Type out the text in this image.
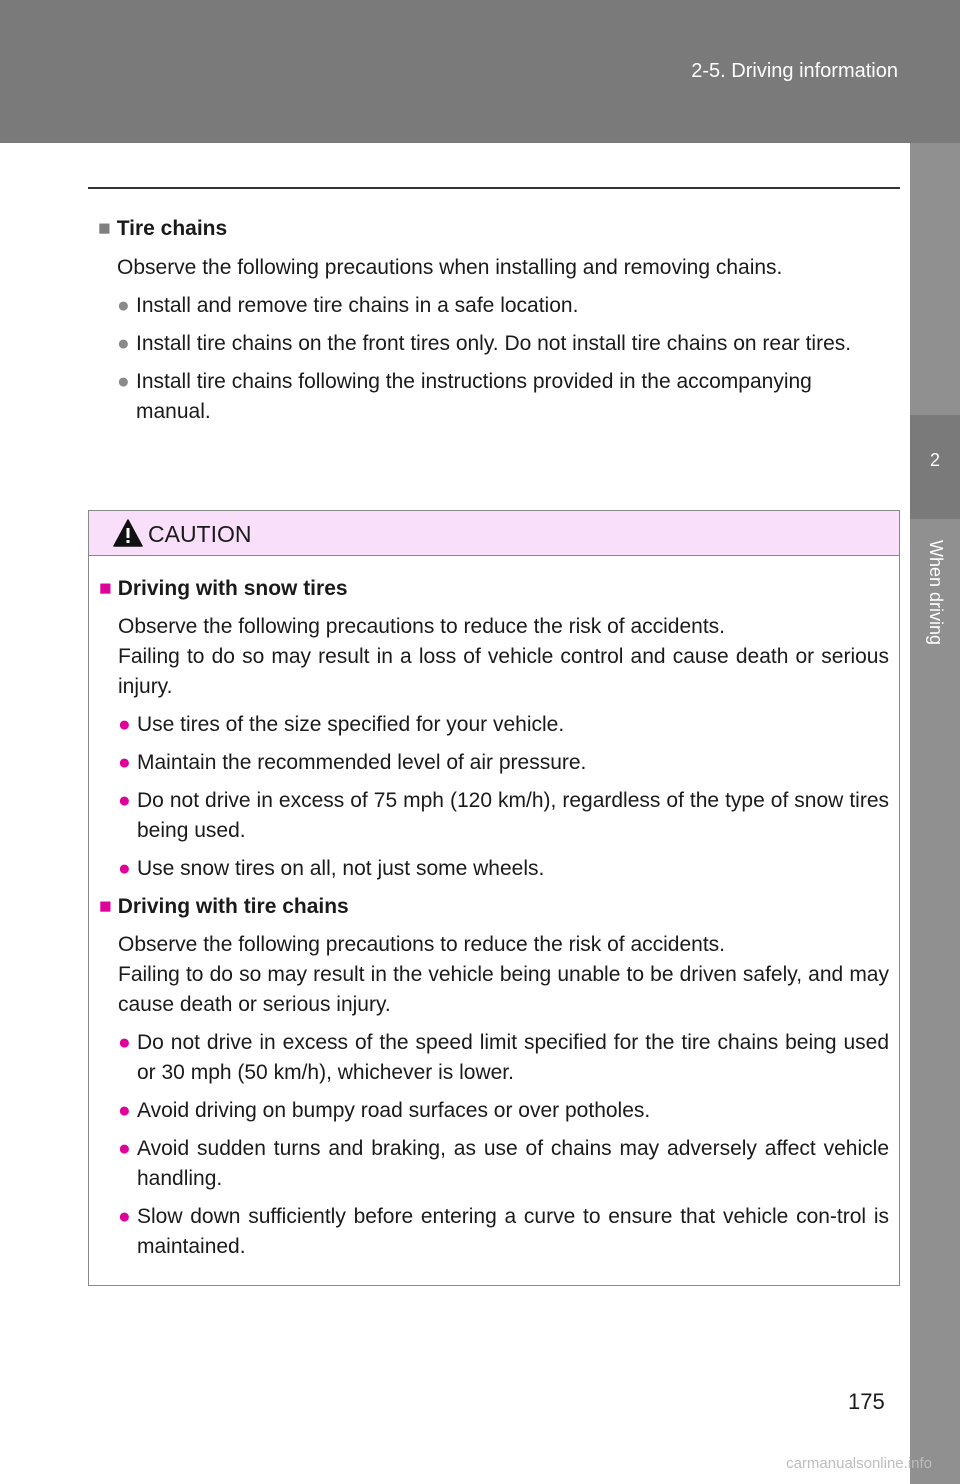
2-5. Driving information
2
When driving
■ Tire chains
Observe the following precautions when installing and removing chains.
● Install and remove tire chains in a safe location.
● Install tire chains on the front tires only. Do not install tire chains on rear tires.
● Install tire chains following the instructions provided in the accompanying manual.
CAUTION
■ Driving with snow tires
Observe the following precautions to reduce the risk of accidents.
Failing to do so may result in a loss of vehicle control and cause death or serious injury.
● Use tires of the size specified for your vehicle.
● Maintain the recommended level of air pressure.
● Do not drive in excess of 75 mph (120 km/h), regardless of the type of snow tires being used.
● Use snow tires on all, not just some wheels.
■ Driving with tire chains
Observe the following precautions to reduce the risk of accidents.
Failing to do so may result in the vehicle being unable to be driven safely, and may cause death or serious injury.
● Do not drive in excess of the speed limit specified for the tire chains being used or 30 mph (50 km/h), whichever is lower.
● Avoid driving on bumpy road surfaces or over potholes.
● Avoid sudden turns and braking, as use of chains may adversely affect vehicle handling.
● Slow down sufficiently before entering a curve to ensure that vehicle con-trol is maintained.
175
carmanualsonline.info
